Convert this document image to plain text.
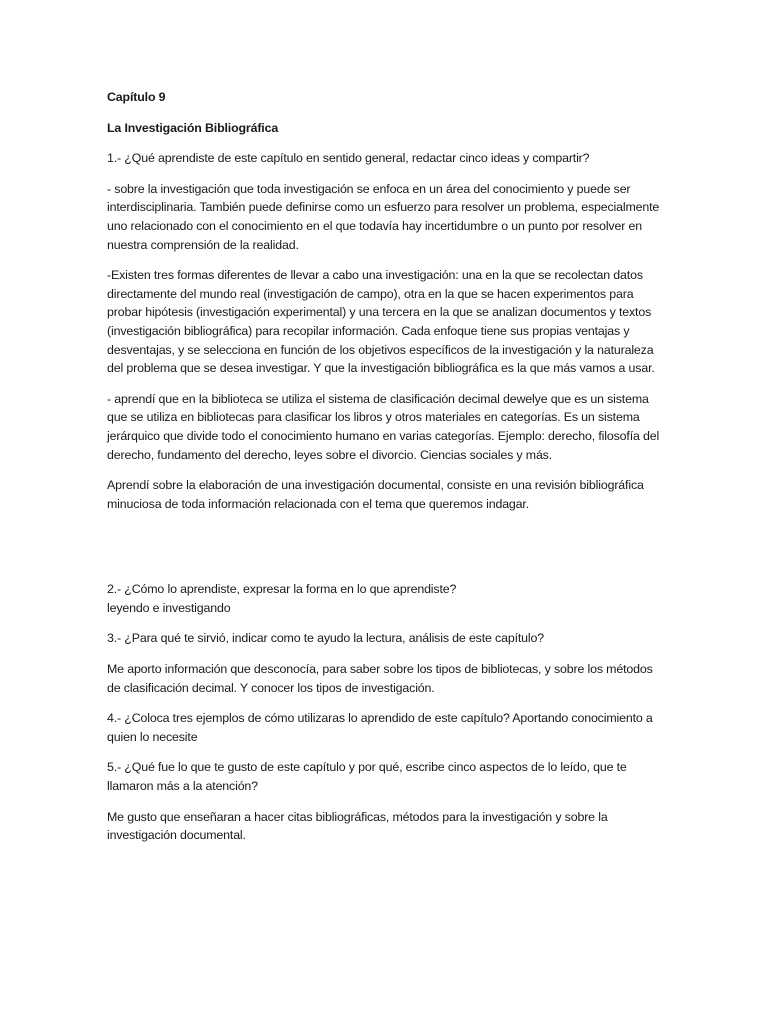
Capítulo 9
La Investigación Bibliográfica

1.- ¿Qué aprendiste de este capítulo en sentido general, redactar cinco ideas y compartir?

- sobre la investigación que toda investigación se enfoca en un área del conocimiento y puede ser interdisciplinaria. También puede definirse como un esfuerzo para resolver un problema, especialmente uno relacionado con el conocimiento en el que todavía hay incertidumbre o un punto por resolver en nuestra comprensión de la realidad.

-Existen tres formas diferentes de llevar a cabo una investigación: una en la que se recolectan datos directamente del mundo real (investigación de campo), otra en la que se hacen experimentos para probar hipótesis (investigación experimental) y una tercera en la que se analizan documentos y textos (investigación bibliográfica) para recopilar información. Cada enfoque tiene sus propias ventajas y desventajas, y se selecciona en función de los objetivos específicos de la investigación y la naturaleza del problema que se desea investigar. Y que la investigación bibliográfica es la que más vamos a usar.

- aprendí que en la biblioteca se utiliza el sistema de clasificación decimal dewelye que es un sistema que se utiliza en bibliotecas para clasificar los libros y otros materiales en categorías. Es un sistema jerárquico que divide todo el conocimiento humano en varias categorías. Ejemplo: derecho, filosofía del derecho, fundamento del derecho, leyes sobre el divorcio. Ciencias sociales y más.

Aprendí sobre la elaboración de una investigación documental, consiste en una revisión bibliográfica minuciosa de toda información relacionada con el tema que queremos indagar.

2.- ¿Cómo lo aprendiste, expresar la forma en lo que aprendiste?

leyendo e investigando

3.- ¿Para qué te sirvió, indicar como te ayudo la lectura, análisis de este capítulo?

Me aporto información que desconocía, para saber sobre los tipos de bibliotecas, y sobre los métodos de clasificación decimal. Y conocer los tipos de investigación.

4.- ¿Coloca tres ejemplos de cómo utilizaras lo aprendido de este capítulo? Aportando conocimiento a quien lo necesite

5.- ¿Qué fue lo que te gusto de este capítulo y por qué, escribe cinco aspectos de lo leído, que te llamaron más a la atención?

Me gusto que enseñaran a hacer citas bibliográficas, métodos para la investigación y sobre la investigación documental.
